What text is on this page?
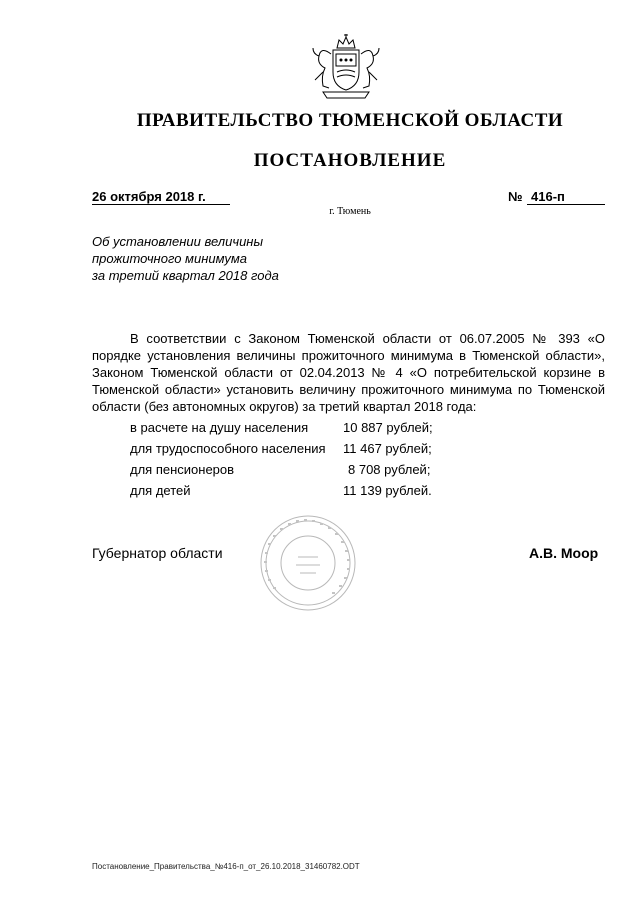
ПРАВИТЕЛЬСТВО ТЮМЕНСКОЙ ОБЛАСТИ
ПОСТАНОВЛЕНИЕ
26 октября 2018 г.	№ 416-п
г. Тюмень
Об установлении величины
прожиточного минимума
за третий квартал 2018 года
В соответствии с Законом Тюменской области от 06.07.2005 № 393 «О порядке установления величины прожиточного минимума в Тюменской области», Законом Тюменской области от 02.04.2013 № 4 «О потребительской корзине в Тюменской области» установить величину прожиточного минимума по Тюменской области (без автономных округов) за третий квартал 2018 года:
в расчете на душу населения	10 887 рублей;
для трудоспособного населения 11 467 рублей;
для пенсионеров	8 708 рублей;
для детей	11 139 рублей.
Губернатор области	А.В. Моор
Постановление_Правительства_№416-п_от_26.10.2018_31460782.ODT
